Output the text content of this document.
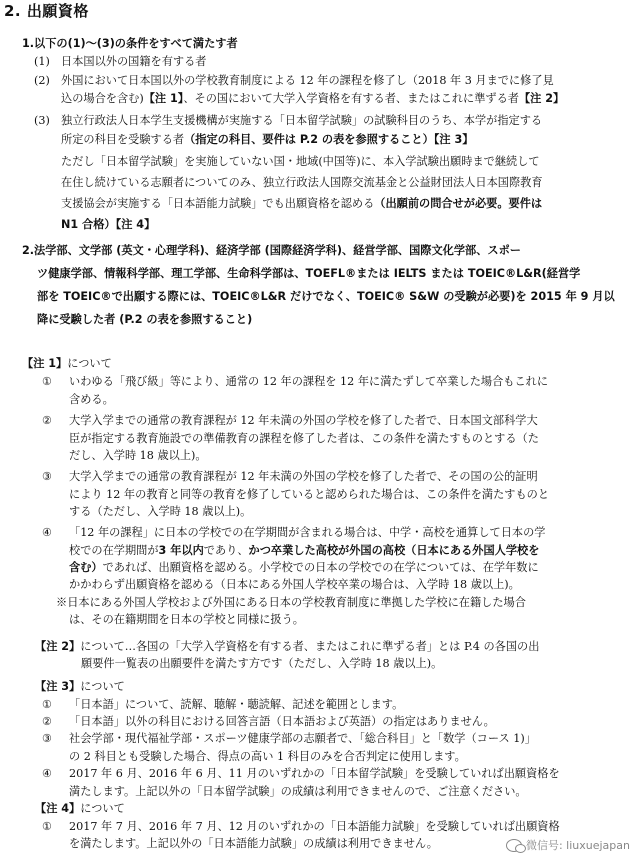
2. 出願資格
1.以下の(1)～(3)の条件をすべて満たす者
(1) 日本国以外の国籍を有する者
(2) 外国において日本国以外の学校教育制度による 12 年の課程を修了し（2018 年 3 月までに修了見
込の場合を含む)【注 1】、その国において大学入学資格を有する者、またはこれに準ずる者【注 2】
(3) 独立行政法人日本学生支援機構が実施する「日本留学試験」の試験科目のうち、本学が指定する
所定の科目を受験する者（指定の科目、要件は P.2 の表を参照すること）【注 3】
ただし「日本留学試験」を実施していない国・地域(中国等)に、本入学試験出願時まで継続して
在住し続けている志願者についてのみ、独立行政法人国際交流基金と公益財団法人日本国際教育
支援協会が実施する「日本語能力試験」でも出願資格を認める（出願前の問合せが必要。要件は
N1 合格）【注 4】
2.法学部、文学部 (英文・心理学科)、経済学部 (国際経済学科)、経営学部、国際文化学部、スポー
ツ健康学部、情報科学部、理工学部、生命科学部は、TOEFL®または IELTS または TOEIC®L&R(経営学
部を TOEIC®で出願する際には、TOEIC®L&R だけでなく、TOEIC® S&W の受験が必要)を 2015 年 9 月以
降に受験した者 (P.2 の表を参照すること)
【注 1】について
① いわゆる「飛び級」等により、通常の 12 年の課程を 12 年に満たずして卒業した場合もこれに
含める。
② 大学入学までの通常の教育課程が 12 年未満の外国の学校を修了した者で、日本国文部科学大
臣が指定する教育施設での準備教育の課程を修了した者は、この条件を満たすものとする（た
だし、入学時 18 歳以上)。
③ 大学入学までの通常の教育課程が 12 年未満の外国の学校を修了した者で、その国の公的証明
により 12 年の教育と同等の教育を修了していると認められた場合は、この条件を満たすものと
する（ただし、入学時 18 歳以上)。
④ 「12 年の課程」に日本の学校での在学期間が含まれる場合は、中学・高校を通算して日本の学
校での在学期間が3 年以内であり、かつ卒業した高校が外国の高校（日本にある外国人学校を
含む）であれば、出願資格を認める。小学校での日本の学校での在学については、在学年数に
かかわらず出願資格を認める（日本にある外国人学校卒業の場合は、入学時 18 歳以上)。
※日本にある外国人学校および外国にある日本の学校教育制度に準拠した学校に在籍した場合
は、その在籍期間を日本の学校と同様に扱う。
【注 2】について…各国の「大学入学資格を有する者、またはこれに準ずる者」とは P.4 の各国の出
願要件一覧表の出願要件を満たす方です（ただし、入学時 18 歳以上)。
【注 3】について
① 「日本語」について、読解、聴解・聴読解、記述を範囲とします。
② 「日本語」以外の科目における回答言語（日本語および英語）の指定はありません。
③ 社会学部・現代福祉学部・スポーツ健康学部の志願者で、「総合科目」と「数学（コース 1)」
の 2 科目とも受験した場合、得点の高い 1 科目のみを合否判定に使用します。
④ 2017 年 6 月、2016 年 6 月、11 月のいずれかの「日本留学試験」を受験していれば出願資格を
満たします。上記以外の「日本留学試験」の成績は利用できませんので、ご注意ください。
【注 4】について
① 2017 年 7 月、2016 年 7 月、12 月のいずれかの「日本語能力試験」を受験していれば出願資格
を満たします。上記以外の「日本語能力試験」の成績は利用できません。	微信号: liuxuejapan
